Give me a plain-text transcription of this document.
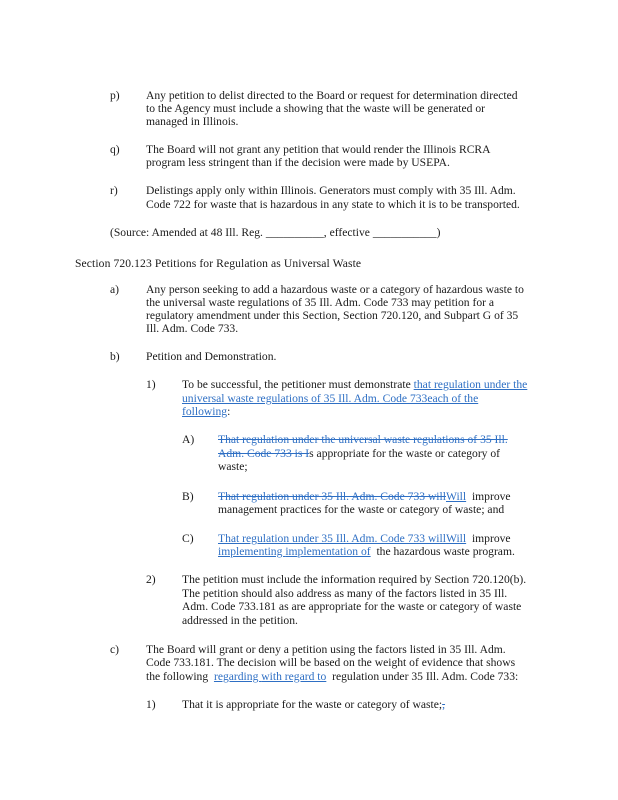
p) Any petition to delist directed to the Board or request for determination directed
to the Agency must include a showing that the waste will be generated or
managed in Illinois.
q) The Board will not grant any petition that would render the Illinois RCRA
program less stringent than if the decision were made by USEPA.
r) Delistings apply only within Illinois. Generators must comply with 35 Ill. Adm.
Code 722 for waste that is hazardous in any state to which it is to be transported.
(Source: Amended at 48 Ill. Reg. __________, effective ___________)
Section 720.123 Petitions for Regulation as Universal Waste
a) Any person seeking to add a hazardous waste or a category of hazardous waste to
the universal waste regulations of 35 Ill. Adm. Code 733 may petition for a
regulatory amendment under this Section, Section 720.120, and Subpart G of 35
Ill. Adm. Code 733.
b) Petition and Demonstration.
1) To be successful, the petitioner must demonstrate that regulation under the
universal waste regulations of 35 Ill. Adm. Code 733each of the
following:
A) That regulation under the universal waste regulations of 35 Ill.
Adm. Code 733 is Is appropriate for the waste or category of
waste;
B) That regulation under 35 Ill. Adm. Code 733 willWill  improve
management practices for the waste or category of waste; and
C) That regulation under 35 Ill. Adm. Code 733 willWill  improve
implementing implementation of  the hazardous waste program.
2) The petition must include the information required by Section 720.120(b).
The petition should also address as many of the factors listed in 35 Ill.
Adm. Code 733.181 as are appropriate for the waste or category of waste
addressed in the petition.
c) The Board will grant or deny a petition using the factors listed in 35 Ill. Adm.
Code 733.181. The decision will be based on the weight of evidence that shows
the following  regarding with regard to  regulation under 35 Ill. Adm. Code 733:
1) That it is appropriate for the waste or category of waste;,
